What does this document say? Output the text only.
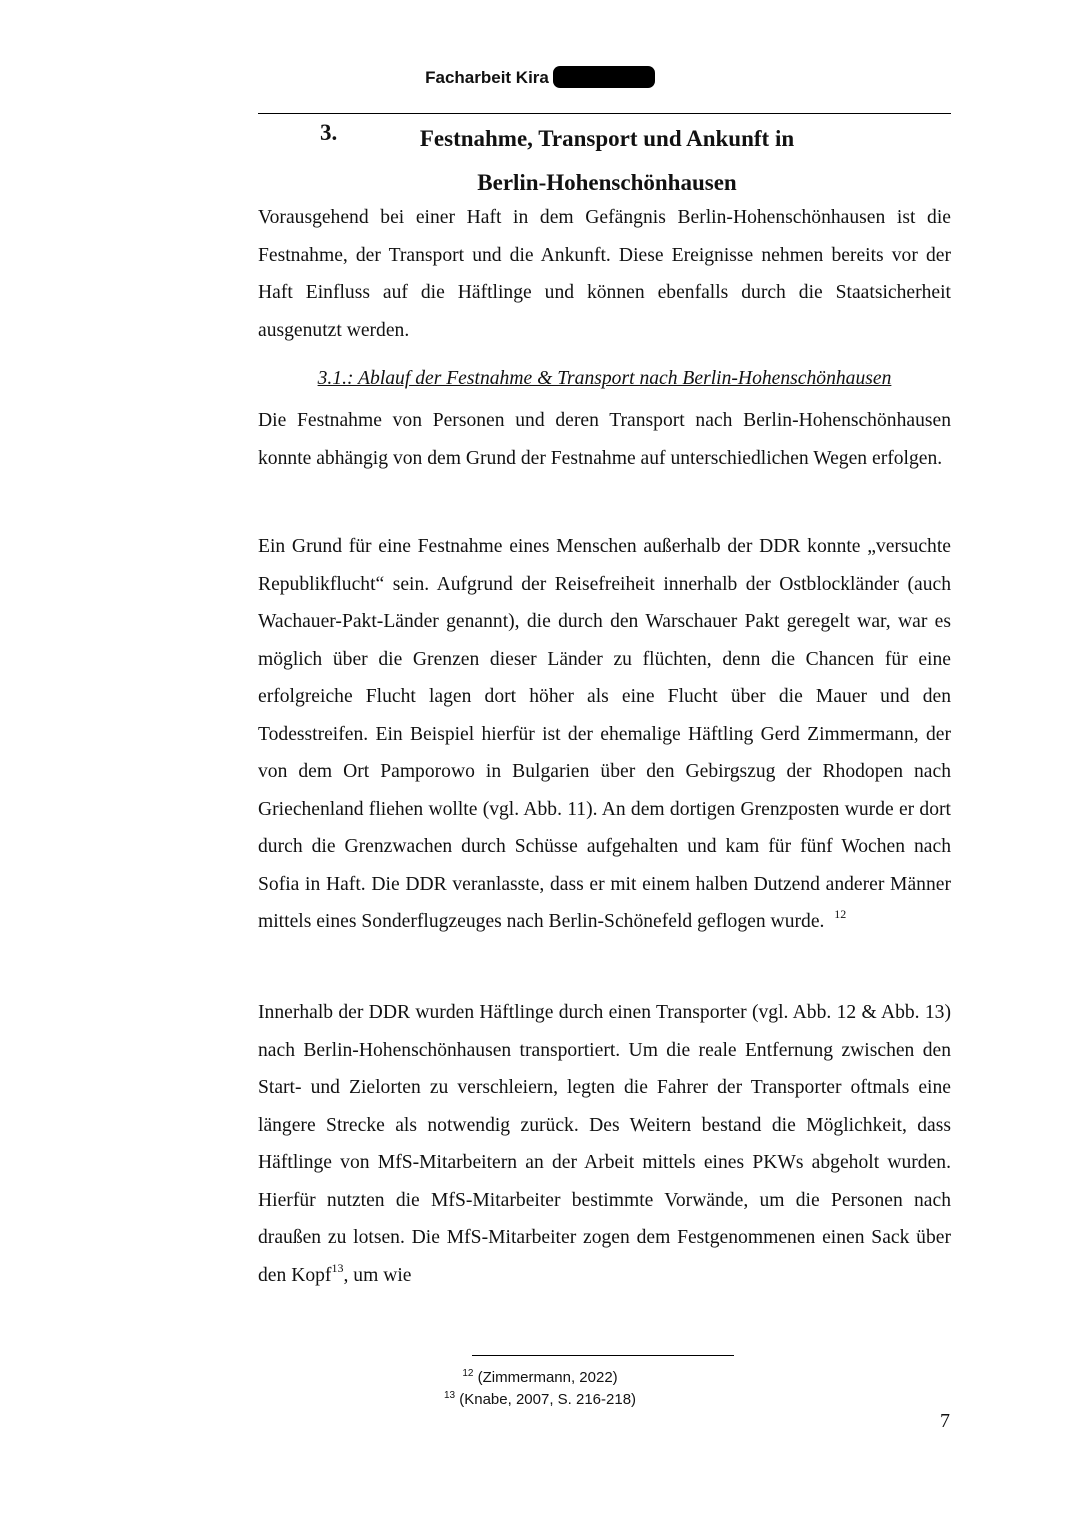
Facharbeit Kira
3.	Festnahme, Transport und Ankunft in Berlin-Hohenschönhausen

Vorausgehend bei einer Haft in dem Gefängnis Berlin-Hohenschönhausen ist die Festnahme, der Transport und die Ankunft. Diese Ereignisse nehmen bereits vor der Haft Einfluss auf die Häftlinge und können ebenfalls durch die Staatsicherheit ausgenutzt werden.

3.1.: Ablauf der Festnahme & Transport nach Berlin-Hohenschönhausen

Die Festnahme von Personen und deren Transport nach Berlin-Hohenschönhausen konnte abhängig von dem Grund der Festnahme auf unterschiedlichen Wegen erfolgen.

Ein Grund für eine Festnahme eines Menschen außerhalb der DDR konnte „versuchte Republikflucht“ sein. Aufgrund der Reisefreiheit innerhalb der Ostblockländer (auch Wachauer-Pakt-Länder genannt), die durch den Warschauer Pakt geregelt war, war es möglich über die Grenzen dieser Länder zu flüchten, denn die Chancen für eine erfolgreiche Flucht lagen dort höher als eine Flucht über die Mauer und den Todesstreifen. Ein Beispiel hierfür ist der ehemalige Häftling Gerd Zimmermann, der von dem Ort Pamporowo in Bulgarien über den Gebirgszug der Rhodopen nach Griechenland fliehen wollte (vgl. Abb. 11). An dem dortigen Grenzposten wurde er dort durch die Grenzwachen durch Schüsse aufgehalten und kam für fünf Wochen nach Sofia in Haft. Die DDR veranlasste, dass er mit einem halben Dutzend anderer Männer mittels eines Sonderflugzeuges nach Berlin-Schönefeld geflogen wurde. $^{12}$

Innerhalb der DDR wurden Häftlinge durch einen Transporter (vgl. Abb. 12 & Abb. 13) nach Berlin-Hohenschönhausen transportiert. Um die reale Entfernung zwischen den Start- und Zielorten zu verschleiern, legten die Fahrer der Transporter oftmals eine längere Strecke als notwendig zurück. Des Weitern bestand die Möglichkeit, dass Häftlinge von MfS-Mitarbeitern an der Arbeit mittels eines PKWs abgeholt wurden. Hierfür nutzten die MfS-Mitarbeiter bestimmte Vorwände, um die Personen nach draußen zu lotsen. Die MfS-Mitarbeiter zogen dem Festgenommenen einen Sack über den Kopf$^{13}$, um wie

$^{12}$ (Zimmermann, 2022)
$^{13}$ (Knabe, 2007, S. 216-218)
7
